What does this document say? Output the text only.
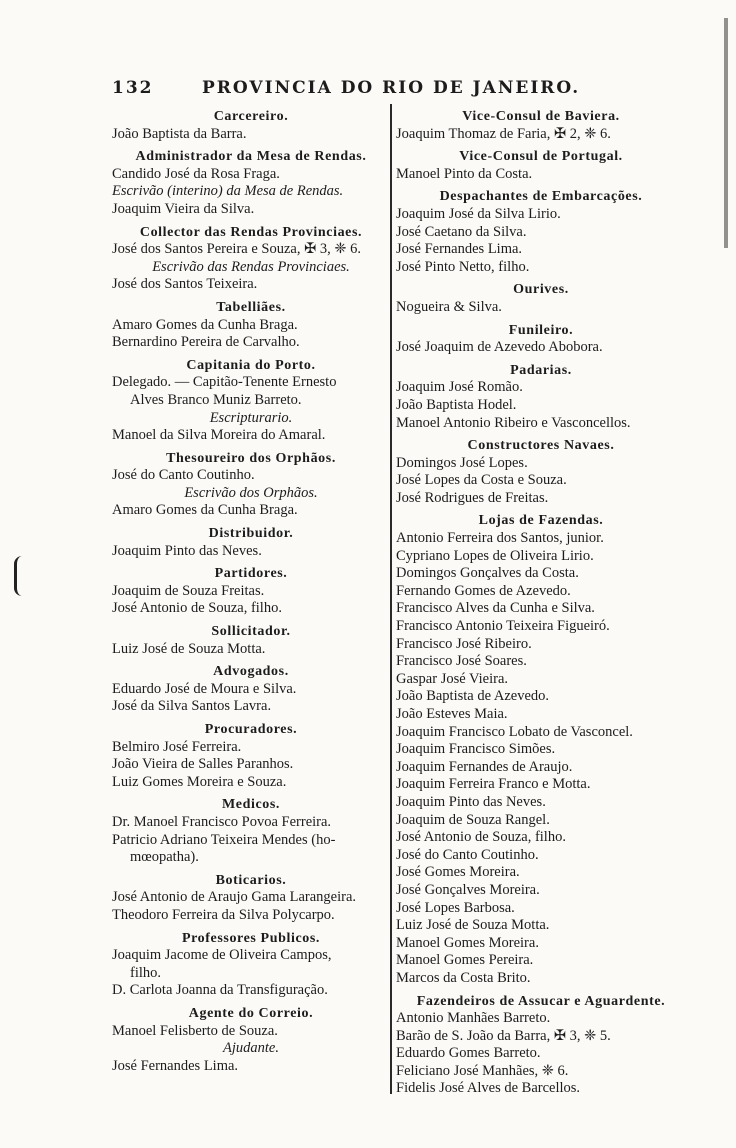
132	PROVINCIA DO RIO DE JANEIRO.
Carcereiro.
João Baptista da Barra.
Administrador da Mesa de Rendas.
Candido José da Rosa Fraga.
Escrivão (interino) da Mesa de Rendas.
Joaquim Vieira da Silva.
Collector das Rendas Provinciaes.
José dos Santos Pereira e Souza, ✠ 3, ❈ 6.
Escrivão das Rendas Provinciaes.
José dos Santos Teixeira.
Tabelliães.
Amaro Gomes da Cunha Braga.
Bernardino Pereira de Carvalho.
Capitania do Porto.
Delegado. — Capitão-Tenente Ernesto
Alves Branco Muniz Barreto.
Escripturario.
Manoel da Silva Moreira do Amaral.
Thesoureiro dos Orphãos.
José do Canto Coutinho.
Escrivão dos Orphãos.
Amaro Gomes da Cunha Braga.
Distribuidor.
Joaquim Pinto das Neves.
Partidores.
Joaquim de Souza Freitas.
José Antonio de Souza, filho.
Sollicitador.
Luiz José de Souza Motta.
Advogados.
Eduardo José de Moura e Silva.
José da Silva Santos Lavra.
Procuradores.
Belmiro José Ferreira.
João Vieira de Salles Paranhos.
Luiz Gomes Moreira e Souza.
Medicos.
Dr. Manoel Francisco Povoa Ferreira.
Patricio Adriano Teixeira Mendes (ho-
mœopatha).
Boticarios.
José Antonio de Araujo Gama Larangeira.
Theodoro Ferreira da Silva Polycarpo.
Professores Publicos.
Joaquim Jacome de Oliveira Campos,
filho.
D. Carlota Joanna da Transfiguração.
Agente do Correio.
Manoel Felisberto de Souza.
Ajudante.
José Fernandes Lima.
Vice-Consul de Baviera.
Joaquim Thomaz de Faria, ✠ 2, ❈ 6.
Vice-Consul de Portugal.
Manoel Pinto da Costa.
Despachantes de Embarcações.
Joaquim José da Silva Lirio.
José Caetano da Silva.
José Fernandes Lima.
José Pinto Netto, filho.
Ourives.
Nogueira & Silva.
Funileiro.
José Joaquim de Azevedo Abobora.
Padarias.
Joaquim José Romão.
João Baptista Hodel.
Manoel Antonio Ribeiro e Vasconcellos.
Constructores Navaes.
Domingos José Lopes.
José Lopes da Costa e Souza.
José Rodrigues de Freitas.
Lojas de Fazendas.
Antonio Ferreira dos Santos, junior.
Cypriano Lopes de Oliveira Lirio.
Domingos Gonçalves da Costa.
Fernando Gomes de Azevedo.
Francisco Alves da Cunha e Silva.
Francisco Antonio Teixeira Figueiró.
Francisco José Ribeiro.
Francisco José Soares.
Gaspar José Vieira.
João Baptista de Azevedo.
João Esteves Maia.
Joaquim Francisco Lobato de Vasconcel.
Joaquim Francisco Simões.
Joaquim Fernandes de Araujo.
Joaquim Ferreira Franco e Motta.
Joaquim Pinto das Neves.
Joaquim de Souza Rangel.
José Antonio de Souza, filho.
José do Canto Coutinho.
José Gomes Moreira.
José Gonçalves Moreira.
José Lopes Barbosa.
Luiz José de Souza Motta.
Manoel Gomes Moreira.
Manoel Gomes Pereira.
Marcos da Costa Brito.
Fazendeiros de Assucar e Aguardente.
Antonio Manhães Barreto.
Barão de S. João da Barra, ✠ 3, ❈ 5.
Eduardo Gomes Barreto.
Feliciano José Manhães, ❈ 6.
Fidelis José Alves de Barcellos.
